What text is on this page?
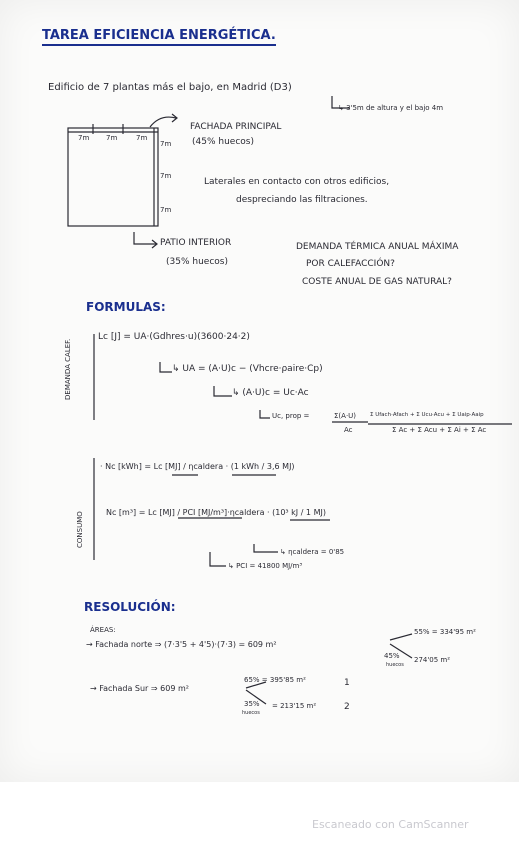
TAREA EFICIENCIA ENERGÉTICA.
Edificio de 7 plantas más el bajo, en Madrid (D3)
↳ 3'5m de altura y el bajo 4m
7m 7m	7m
7m
7m
7m
FACHADA PRINCIPAL
(45% huecos)
Laterales en contacto con otros edificios,
despreciando las filtraciones.
PATIO INTERIOR
(35% huecos)
DEMANDA TÉRMICA ANUAL MÁXIMA
POR CALEFACCIÓN?
COSTE ANUAL DE GAS NATURAL?
FORMULAS:
DEMANDA CALEF.
Lc [J] = UA·(Gdhres·u)(3600·24·2)
↳ UA = (A·U)c − (Vhcre·ρaire·Cp)
↳ (A·U)c = Uc·Ac
Uc, prop =	Σ(A·U)
Ac
Σ Ufach·Afach + Σ Ucu·Acu + Σ Uaip·Aaip
Σ Ac + Σ Acu + Σ Ai + Σ Ac
CONSUMO
· Nc [kWh] = Lc [MJ] / ηcaldera · (1 kWh / 3,6 MJ)
Nc [m³] = Lc [MJ] / PCI [MJ/m³]·ηcaldera · (10³ kJ / 1 MJ)
↳ ηcaldera = 0'85
↳ PCI = 41800 MJ/m³
RESOLUCIÓN:
ÁREAS:
→ Fachada norte ⇒ (7·3'5 + 4'5)·(7·3) = 609 m²
55% = 334'95 m²
45%
huecos
274'05 m²
→ Fachada Sur ⇒ 609 m²
65% = 395'85 m²	1
35%
huecos
= 213'15 m²	2
Escaneado con CamScanner
